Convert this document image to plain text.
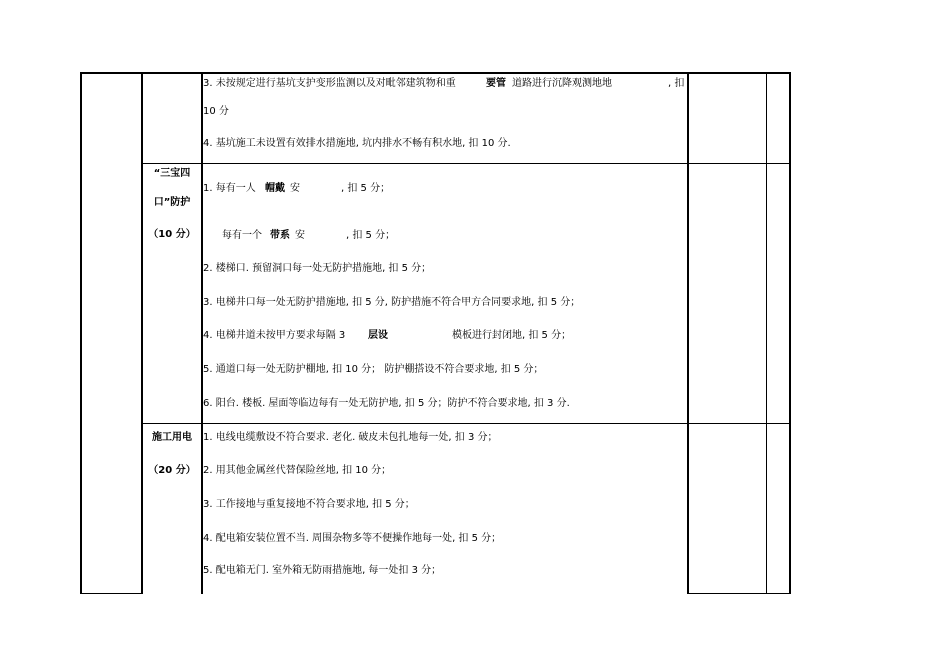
3. 未按规定进行基坑支护变形监测以及对毗邻建筑物和重	要管 道路进行沉降观测地地	, 扣
10 分
4. 基坑施工未设置有效排水措施地, 坑内排水不畅有积水地, 扣 10 分.
“三宝四
口”防护
（10 分）
1. 每有一人 帽戴 安	, 扣 5 分；
每有一个 带系 安	, 扣 5 分；
2. 楼梯口. 预留洞口每一处无防护措施地, 扣 5 分；
3. 电梯井口每一处无防护措施地, 扣 5 分, 防护措施不符合甲方合同要求地, 扣 5 分；
4. 电梯井道未按甲方要求每隔 3 层设	模板进行封闭地, 扣 5 分；
5. 通道口每一处无防护棚地, 扣 10 分； 防护棚搭设不符合要求地, 扣 5 分；
6. 阳台. 楼板. 屋面等临边每有一处无防护地, 扣 5 分；防护不符合要求地, 扣 3 分.
施工用电
（20 分）
1. 电线电缆敷设不符合要求. 老化. 破皮未包扎地每一处, 扣 3 分；
2. 用其他金属丝代替保险丝地, 扣 10 分；
3. 工作接地与重复接地不符合要求地, 扣 5 分；
4. 配电箱安装位置不当. 周围杂物多等不便操作地每一处, 扣 5 分；
5. 配电箱无门. 室外箱无防雨措施地, 每一处扣 3 分；
